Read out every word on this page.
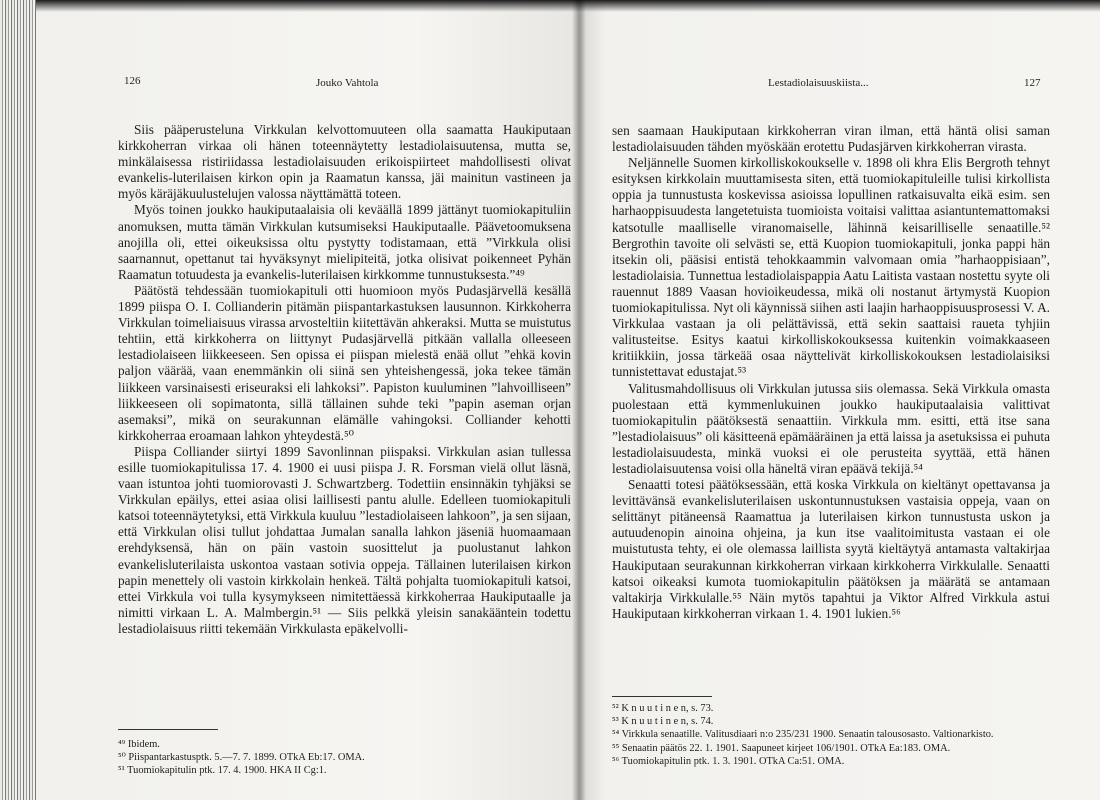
126	Jouko Vahtola

Siis pääperusteluna Virkkulan kelvottomuuteen olla saamatta Haukiputaan kirkkoherran virkaa oli hänen toteennäytetty lestadiolaisuutensa, mutta se, minkälaisessa ristiriidassa lestadiolaisuuden erikoispiirteet mahdollisesti olivat evankelis-luterilaisen kirkon opin ja Raamatun kanssa, jäi mainitun vastineen ja myös käräjäkuulustelujen valossa näyttämättä toteen.

Myös toinen joukko haukiputaalaisia oli keväällä 1899 jättänyt tuomiokapituliin anomuksen, mutta tämän Virkkulan kutsumiseksi Haukiputaalle. Päävetoomuksena anojilla oli, ettei oikeuksissa oltu pystytty todistamaan, että ”Virkkula olisi saarnannut, opettanut tai hyväksynyt mielipiteitä, jotka olisivat poikenneet Pyhän Raamatun totuudesta ja evankelis-luterilaisen kirkkomme tunnustuksesta.”⁴⁹

Päätöstä tehdessään tuomiokapituli otti huomioon myös Pudasjärvellä kesällä 1899 piispa O. I. Collianderin pitämän piispantarkastuksen lausunnon. Kirkkoherra Virkkulan toimeliaisuus virassa arvosteltiin kiitettävän ahkeraksi. Mutta se muistutus tehtiin, että kirkkoherra on liittynyt Pudasjärvellä pitkään vallalla olleeseen lestadiolaiseen liikkeeseen. Sen opissa ei piispan mielestä enää ollut ”ehkä kovin paljon väärää, vaan enemmänkin oli siinä sen yhteishengessä, joka tekee tämän liikkeen varsinaisesti eriseuraksi eli lahkoksi”. Papiston kuuluminen ”lahvoilliseen” liikkeeseen oli sopimatonta, sillä tällainen suhde teki ”papin aseman orjan asemaksi”, mikä on seurakunnan elämälle vahingoksi. Colliander kehotti kirkkoherraa eroamaan lahkon yhteydestä.⁵⁰

Piispa Colliander siirtyi 1899 Savonlinnan piispaksi. Virkkulan asian tullessa esille tuomiokapitulissa 17. 4. 1900 ei uusi piispa J. R. Forsman vielä ollut läsnä, vaan istuntoa johti tuomiorovasti J. Schwartzberg. Todettiin ensinnäkin tyhjäksi se Virkkulan epäilys, ettei asiaa olisi laillisesti pantu alulle. Edelleen tuomiokapituli katsoi toteennäytetyksi, että Virkkula kuuluu ”lestadiolaiseen lahkoon”, ja sen sijaan, että Virkkulan olisi tullut johdattaa Jumalan sanalla lahkon jäseniä huomaamaan erehdyksensä, hän on päin vastoin suosittelut ja puolustanut lahkon evankelisluterilaista uskontoa vastaan sotivia oppeja. Tällainen luterilaisen kirkon papin menettely oli vastoin kirkkolain henkeä. Tältä pohjalta tuomiokapituli katsoi, ettei Virkkula voi tulla kysymykseen nimitettäessä kirkkoherraa Haukiputaalle ja nimitti virkaan L. A. Malmbergin.⁵¹ — Siis pelkkä yleisin sanakääntein todettu lestadiolaisuus riitti tekemään Virkkulasta epäkelvolli-

⁴⁹ Ibidem.
⁵⁰ Piispantarkastusptk. 5.—7. 7. 1899. OTkA Eb:17. OMA.
⁵¹ Tuomiokapitulin ptk. 17. 4. 1900. HKA II Cg:1.
Lestadiolaisuuskiista...	127

sen saamaan Haukiputaan kirkkoherran viran ilman, että häntä olisi saman lestadiolaisuuden tähden myöskään erotettu Pudasjärven kirkkoherran virasta.

Neljännelle Suomen kirkolliskokoukselle v. 1898 oli khra Elis Bergroth tehnyt esityksen kirkkolain muuttamisesta siten, että tuomiokapituleille tulisi kirkollista oppia ja tunnustusta koskevissa asioissa lopullinen ratkaisuvalta eikä esim. sen harhaoppisuudesta langetetuista tuomioista voitaisi valittaa asiantuntemattomaksi katsotulle maalliselle viranomaiselle, lähinnä keisarilliselle senaatille.⁵² Bergrothin tavoite oli selvästi se, että Kuopion tuomiokapituli, jonka pappi hän itsekin oli, pääsisi entistä tehokkaammin valvomaan omia ”harhaoppisiaan”, lestadiolaisia. Tunnettua lestadiolaispappia Aatu Laitista vastaan nostettu syyte oli rauennut 1889 Vaasan hovioikeudessa, mikä oli nostanut ärtymystä Kuopion tuomiokapitulissa. Nyt oli käynnissä siihen asti laajin harhaoppisuusprosessi V. A. Virkkulaa vastaan ja oli pelättävissä, että sekin saattaisi raueta tyhjiin valitusteitse. Esitys kaatui kirkolliskokouksessa kuitenkin voimakkaaseen kritiikkiin, jossa tärkeää osaa näyttelivät kirkolliskokouksen lestadiolaisiksi tunnistettavat edustajat.⁵³

Valitusmahdollisuus oli Virkkulan jutussa siis olemassa. Sekä Virkkula omasta puolestaan että kymmenlukuinen joukko haukiputaalaisia valittivat tuomiokapitulin päätöksestä senaattiin. Virkkula mm. esitti, että itse sana ”lestadiolaisuus” oli käsitteenä epämääräinen ja että laissa ja asetuksissa ei puhuta lestadiolaisuudesta, minkä vuoksi ei ole perusteita syyttää, että hänen lestadiolaisuutensa voisi olla häneltä viran epäävä tekijä.⁵⁴

Senaatti totesi päätöksessään, että koska Virkkula on kieltänyt opettavansa ja levittävänsä evankelisluterilaisen uskontunnustuksen vastaisia oppeja, vaan on selittänyt pitäneensä Raamattua ja luterilaisen kirkon tunnustusta uskon ja autuudenopin ainoina ohjeina, ja kun itse vaalitoimitusta vastaan ei ole muistutusta tehty, ei ole olemassa laillista syytä kieltäytyä antamasta valtakirjaa Haukiputaan seurakunnan kirkkoherran virkaan kirkkoherra Virkkulalle. Senaatti katsoi oikeaksi kumota tuomiokapitulin päätöksen ja määrätä se antamaan valtakirja Virkkulalle.⁵⁵ Näin mytös tapahtui ja Viktor Alfred Virkkula astui Haukiputaan kirkkoherran virkaan 1. 4. 1901 lukien.⁵⁶

⁵² K n u u t i n e n, s. 73.
⁵³ K n u u t i n e n, s. 74.
⁵⁴ Virkkula senaatille. Valitusdiaari n:o 235/231 1900. Senaatin talousosasto. Valtionarkisto.
⁵⁵ Senaatin päätös 22. 1. 1901. Saapuneet kirjeet 106/1901. OTkA Ea:183. OMA.
⁵⁶ Tuomiokapitulin ptk. 1. 3. 1901. OTkA Ca:51. OMA.
